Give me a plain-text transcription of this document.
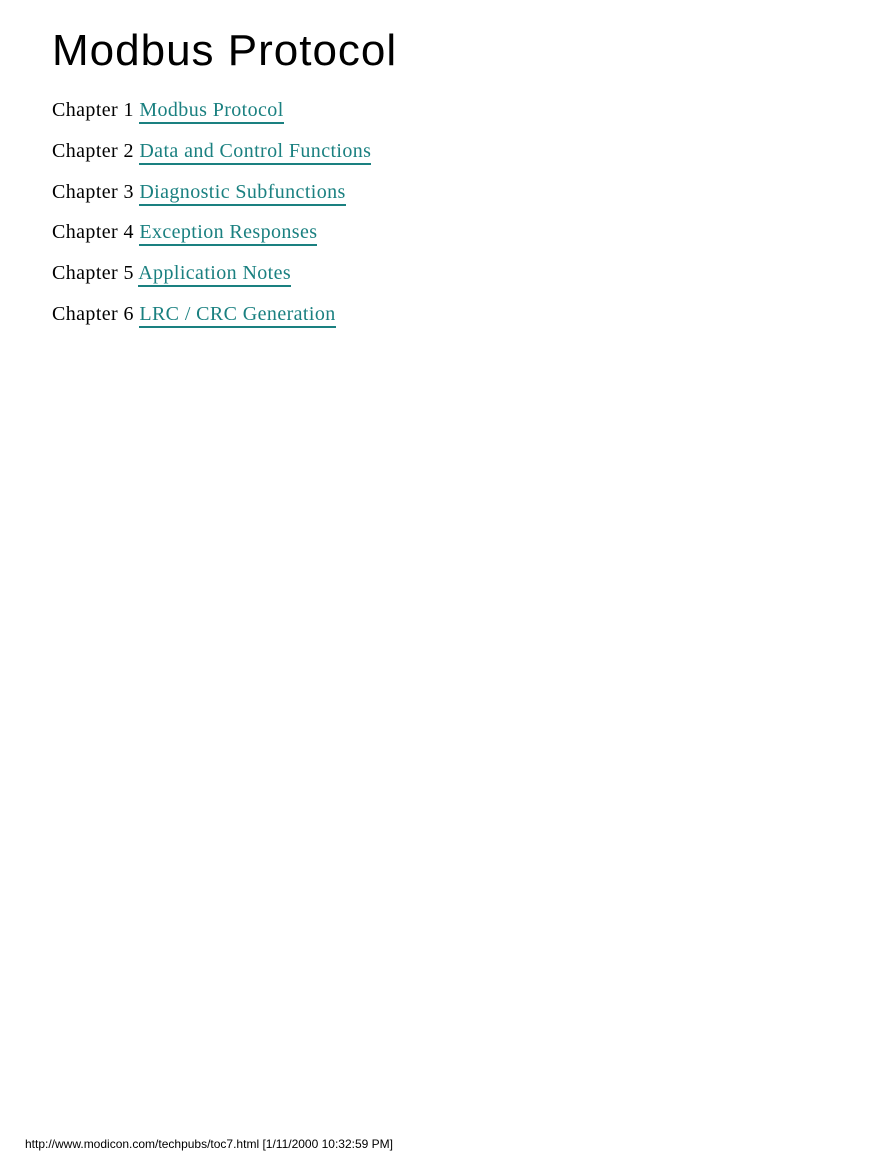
Modbus Protocol
Chapter 1 Modbus Protocol
Chapter 2 Data and Control Functions
Chapter 3 Diagnostic Subfunctions
Chapter 4 Exception Responses
Chapter 5 Application Notes
Chapter 6 LRC / CRC Generation
http://www.modicon.com/techpubs/toc7.html [1/11/2000 10:32:59 PM]
